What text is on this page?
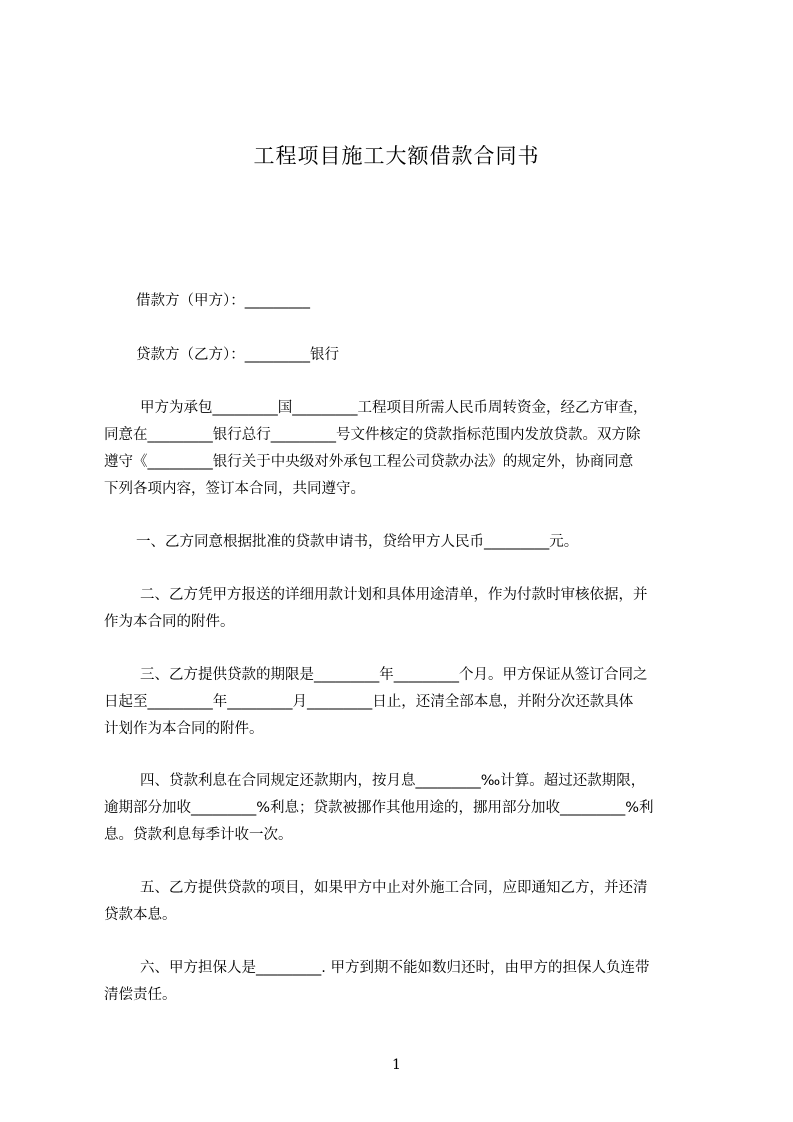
工程项目施工大额借款合同书
借款方（甲方）：_________
贷款方（乙方）：_________银行
甲方为承包_________国_________工程项目所需人民币周转资金，经乙方审查，
同意在_________银行总行_________号文件核定的贷款指标范围内发放贷款。双方除
遵守《_________银行关于中央级对外承包工程公司贷款办法》的规定外，协商同意
下列各项内容，签订本合同，共同遵守。
一、乙方同意根据批准的贷款申请书，贷给甲方人民币_________元。
二、乙方凭甲方报送的详细用款计划和具体用途清单，作为付款时审核依据，并
作为本合同的附件。
三、乙方提供贷款的期限是_________年_________个月。甲方保证从签订合同之
日起至_________年_________月_________日止，还清全部本息，并附分次还款具体
计划作为本合同的附件。
四、贷款利息在合同规定还款期内，按月息_________‰计算。超过还款期限，
逾期部分加收_________%利息；贷款被挪作其他用途的，挪用部分加收_________%利
息。贷款利息每季计收一次。
五、乙方提供贷款的项目，如果甲方中止对外施工合同，应即通知乙方，并还清
贷款本息。
六、甲方担保人是_________. 甲方到期不能如数归还时，由甲方的担保人负连带
清偿责任。
1
